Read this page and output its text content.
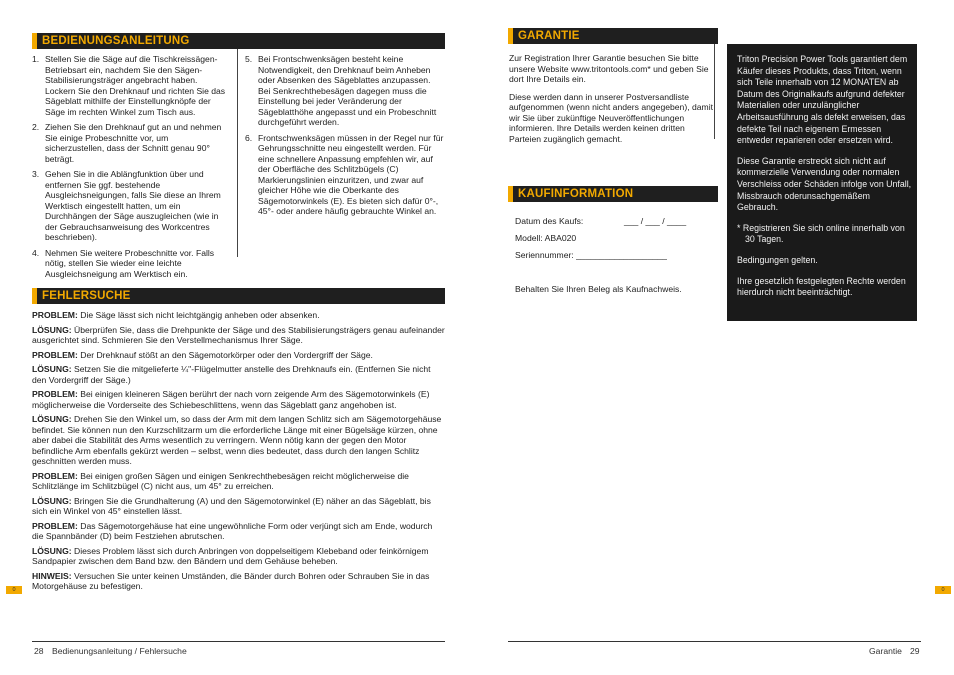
BEDIENUNGSANLEITUNG
1. Stellen Sie die Säge auf die Tischkreissägen-Betriebsart ein, nachdem Sie den Sägen-Stabilisierungsträger angebracht haben. Lockern Sie den Drehknauf und richten Sie das Sägeblatt mithilfe der Einstellungknöpfe der Säge im rechten Winkel zum Tisch aus.
2. Ziehen Sie den Drehknauf gut an und nehmen Sie einige Probeschnitte vor, um sicherzustellen, dass der Schnitt genau 90° beträgt.
3. Gehen Sie in die Ablängfunktion über und entfernen Sie ggf. bestehende Ausgleichsneigungen, falls Sie diese an Ihrem Werktisch eingestellt hatten, um ein Durchhängen der Säge auszugleichen (wie in der Gebrauchsanweisung des Workcentres beschrieben).
4. Nehmen Sie weitere Probeschnitte vor. Falls nötig, stellen Sie wieder eine leichte Ausgleichsneigung am Werktisch ein.
5. Bei Frontschwenksägen besteht keine Notwendigkeit, den Drehknauf beim Anheben oder Absenken des Sägeblattes anzupassen. Bei Senkrechthebesägen dagegen muss die Einstellung bei jeder Veränderung der Sägeblatthöhe angepasst und ein Probeschnitt durchgeführt werden.
6. Frontschwenksägen müssen in der Regel nur für Gehrungsschnitte neu eingestellt werden. Für eine schnellere Anpassung empfehlen wir, auf der Oberfläche des Schlitzbügels (C) Markierungslinien einzuritzen, und zwar auf gleicher Höhe wie die Oberkante des Sägemotorwinkels (E). Es bieten sich dafür 0°-, 45°- oder andere häufig gebrauchte Winkel an.
FEHLERSUCHE
PROBLEM: Die Säge lässt sich nicht leichtgängig anheben oder absenken.
LÖSUNG: Überprüfen Sie, dass die Drehpunkte der Säge und des Stabilisierungsträgers genau aufeinander ausgerichtet sind. Schmieren Sie den Verstellmechanismus Ihrer Säge.
PROBLEM: Der Drehknauf stößt an den Sägemotorkörper oder den Vordergriff der Säge.
LÖSUNG: Setzen Sie die mitgelieferte ¼"-Flügelmutter anstelle des Drehknaufs ein. (Entfernen Sie nicht den Vordergriff der Säge.)
PROBLEM: Bei einigen kleineren Sägen berührt der nach vorn zeigende Arm des Sägemotorwinkels (E) möglicherweise die Vorderseite des Schiebeschlittens, wenn das Sägeblatt ganz angehoben ist.
LÖSUNG: Drehen Sie den Winkel um, so dass der Arm mit dem langen Schlitz sich am Sägemotorgehäuse befindet. Sie können nun den Kurzschlitzarm um die erforderliche Länge mit einer Bügelsäge kürzen, ohne aber dabei die Stabilität des Arms wesentlich zu verringern. Wenn nötig kann der gegen den Motor befindliche Arm ebenfalls gekürzt werden – selbst, wenn dies bedeutet, dass durch den langen Schlitz geschnitten werden muss.
PROBLEM: Bei einigen großen Sägen und einigen Senkrechthebesägen reicht möglicherweise die Schlitzlänge im Schlitzbügel (C) nicht aus, um 45° zu erreichen.
LÖSUNG: Bringen Sie die Grundhalterung (A) und den Sägemotorwinkel (E) näher an das Sägeblatt, bis sich ein Winkel von 45° einstellen lässt.
PROBLEM: Das Sägemotorgehäuse hat eine ungewöhnliche Form oder verjüngt sich am Ende, wodurch die Spannbänder (D) beim Festziehen abrutschen.
LÖSUNG: Dieses Problem lässt sich durch Anbringen von doppelseitigem Klebeband oder feinkörnigem Sandpapier zwischen dem Band bzw. den Bändern und dem Gehäuse beheben.
HINWEIS: Versuchen Sie unter keinen Umständen, die Bänder durch Bohren oder Schrauben Sie in das Motorgehäuse zu befestigen.
28 Bedienungsanleitung / Fehlersuche
0
GARANTIE

Zur Registration Ihrer Garantie besuchen Sie bitte unsere Website www.tritontools.com* und geben Sie dort Ihre Details ein.

Diese werden dann in unserer Postversandliste aufgenommen (wenn nicht anders angegeben), damit wir Sie über zukünftige Neuveröffentlichungen informieren. Ihre Details werden keinen dritten Parteien zugänglich gemacht.

KAUFINFORMATION
Datum des Kaufs:	___ / ___ / ____
Modell: ABA020
Seriennummer: ___________________
Behalten Sie Ihren Beleg als Kaufnachweis.

Triton Precision Power Tools garantiert dem Käufer dieses Produkts, dass Triton, wenn sich Teile innerhalb von 12 MONATEN ab Datum des Originalkaufs aufgrund defekter Materialien oder unzulänglicher Arbeitsausführung als defekt erweisen, das defekte Teil nach eigenem Ermessen entweder reparieren oder ersetzen wird.

Diese Garantie erstreckt sich nicht auf kommerzielle Verwendung oder normalen Verschleiss oder Schäden infolge von Unfall, Missbrauch oderunsachgemäßem Gebrauch.

* Registrieren Sie sich online innerhalb von 30 Tagen.

Bedingungen gelten.

Ihre gesetzlich festgelegten Rechte werden hierdurch nicht beeinträchtigt.

Garantie 29
0
